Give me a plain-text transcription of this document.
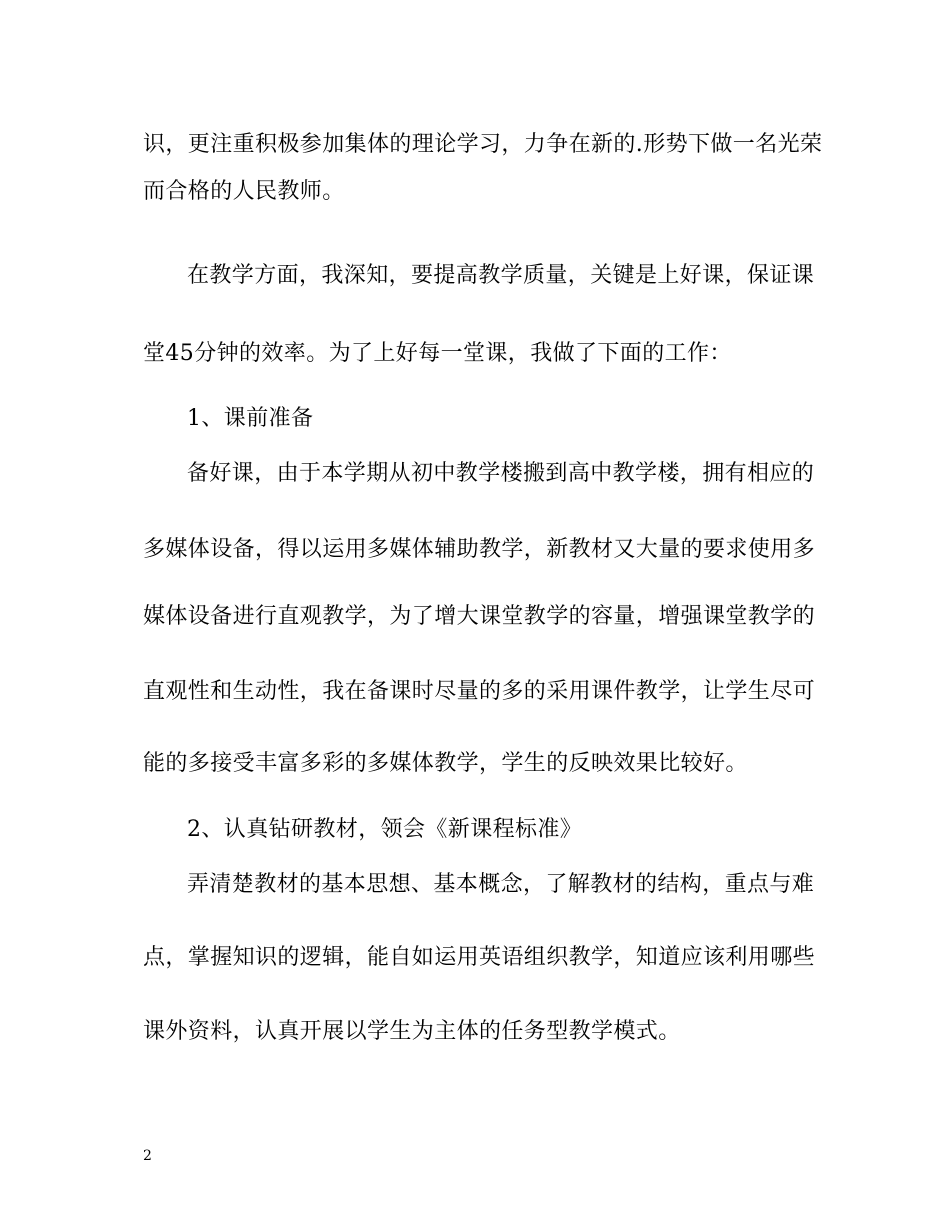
识，更注重积极参加集体的理论学习，力争在新的.形势下做一名光荣
而合格的人民教师。
在教学方面，我深知，要提高教学质量，关键是上好课，保证课
堂45分钟的效率。为了上好每一堂课，我做了下面的工作：
1、课前准备
备好课，由于本学期从初中教学楼搬到高中教学楼，拥有相应的
多媒体设备，得以运用多媒体辅助教学，新教材又大量的要求使用多
媒体设备进行直观教学，为了增大课堂教学的容量，增强课堂教学的
直观性和生动性，我在备课时尽量的多的采用课件教学，让学生尽可
能的多接受丰富多彩的多媒体教学，学生的反映效果比较好。
2、认真钻研教材，领会《新课程标准》
弄清楚教材的基本思想、基本概念，了解教材的结构，重点与难
点，掌握知识的逻辑，能自如运用英语组织教学，知道应该利用哪些
课外资料，认真开展以学生为主体的任务型教学模式。
2
